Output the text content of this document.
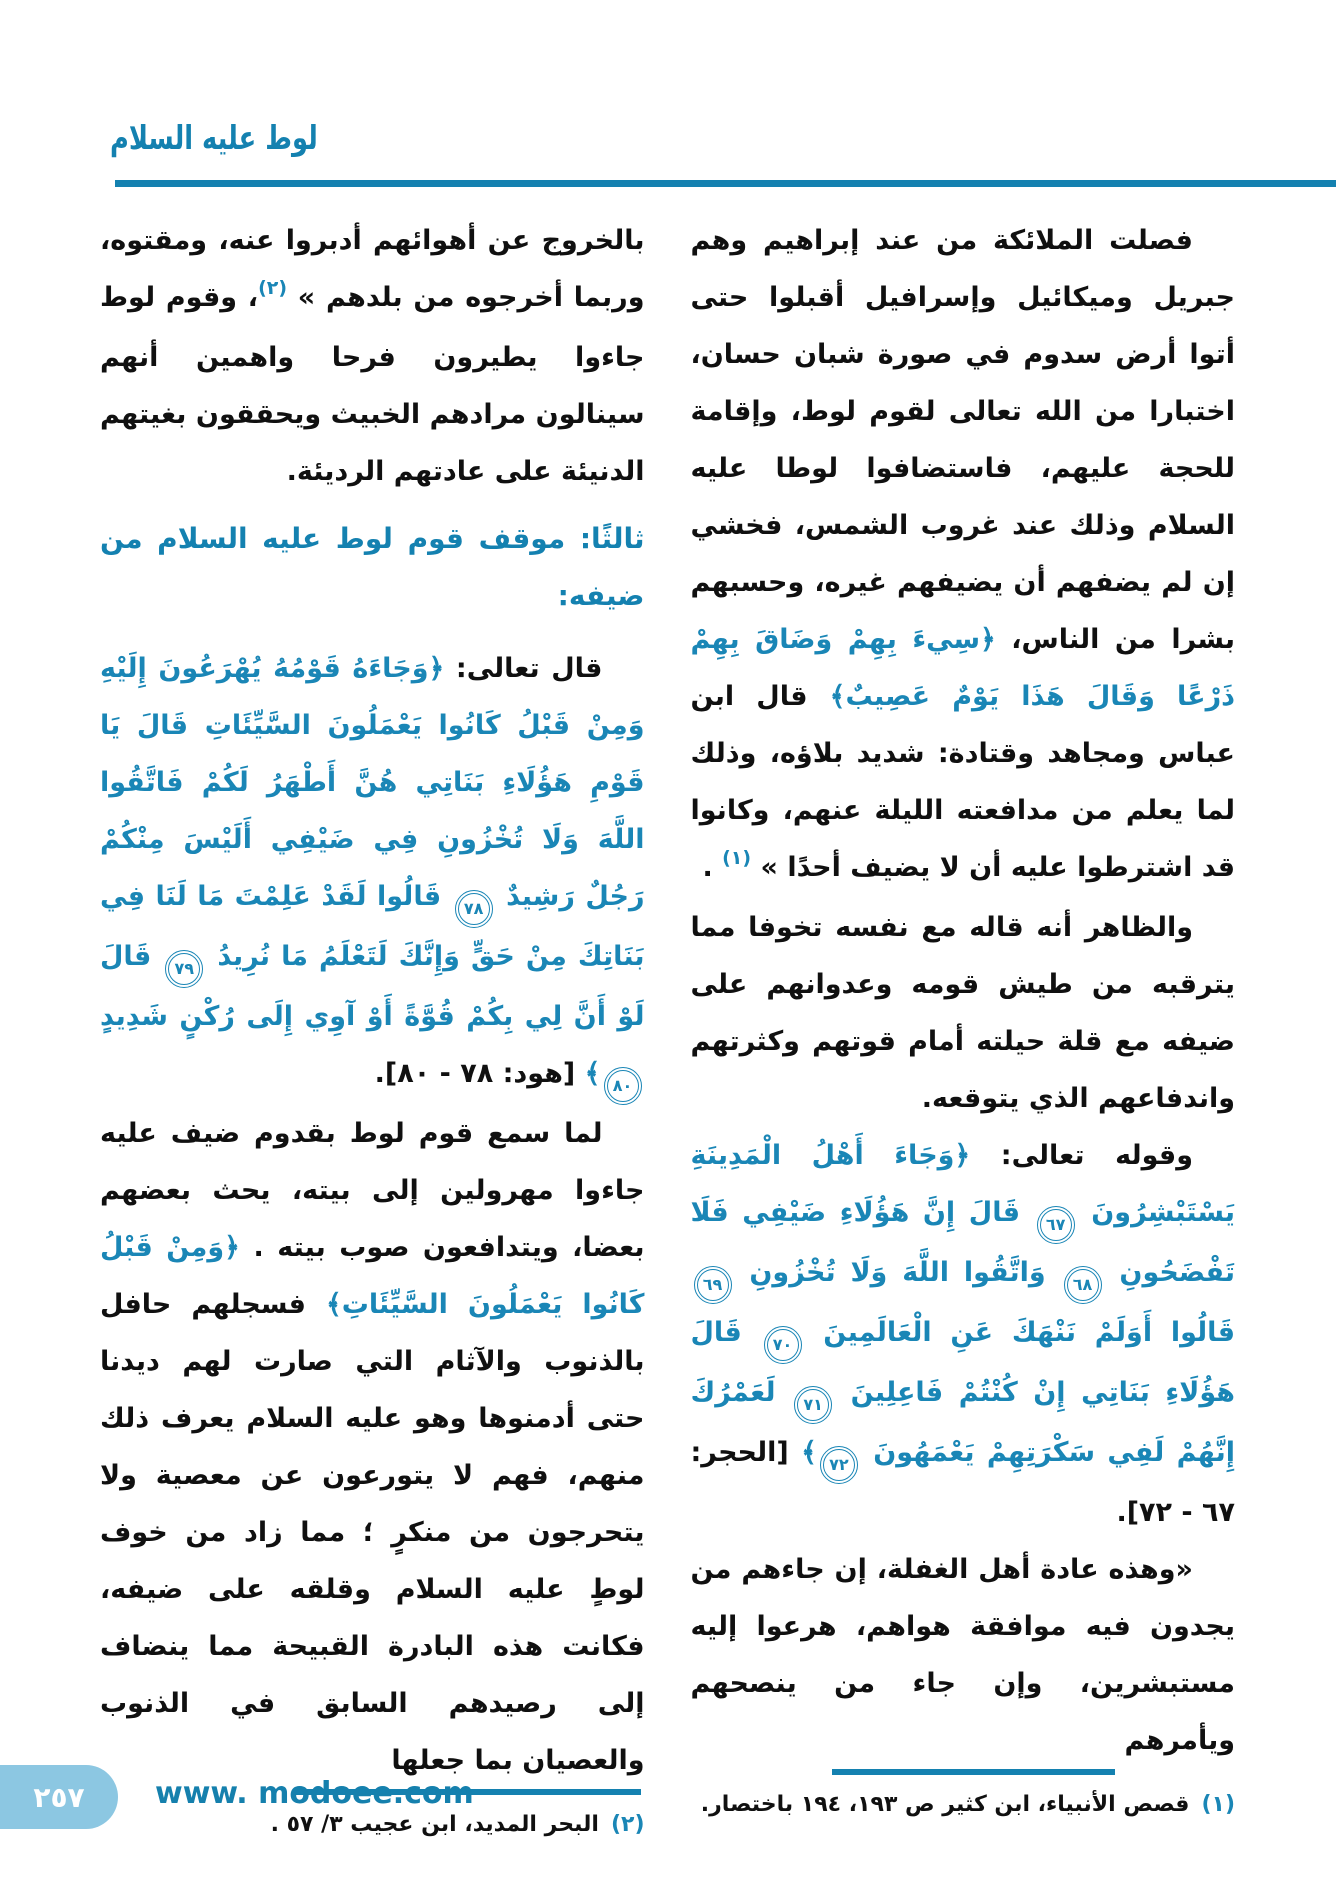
لوط عليه السلام

فصلت الملائكة من عند إبراهيم وهم جبريل وميكائيل وإسرافيل أقبلوا حتى أتوا أرض سدوم في صورة شبان حسان، اختبارا من الله تعالى لقوم لوط، وإقامة للحجة عليهم، فاستضافوا لوطا عليه السلام وذلك عند غروب الشمس، فخشي إن لم يضفهم أن يضيفهم غيره، وحسبهم بشرا من الناس، ﴿سِيءَ بِهِمْ وَضَاقَ بِهِمْ ذَرْعًا وَقَالَ هَذَا يَوْمٌ عَصِيبٌ﴾ قال ابن عباس ومجاهد وقتادة: شديد بلاؤه، وذلك لما يعلم من مدافعته الليلة عنهم، وكانوا قد اشترطوا عليه أن لا يضيف أحدًا » $^{(١)}$ .

والظاهر أنه قاله مع نفسه تخوفا مما يترقبه من طيش قومه وعدوانهم على ضيفه مع قلة حيلته أمام قوتهم وكثرتهم واندفاعهم الذي يتوقعه.

وقوله تعالى: ﴿وَجَاءَ أَهْلُ الْمَدِينَةِ يَسْتَبْشِرُونَ ٦٧ قَالَ إِنَّ هَؤُلَاءِ ضَيْفِي فَلَا تَفْضَحُونِ ٦٨ وَاتَّقُوا اللَّهَ وَلَا تُخْزُونِ ٦٩ قَالُوا أَوَلَمْ نَنْهَكَ عَنِ الْعَالَمِينَ ٧٠ قَالَ هَؤُلَاءِ بَنَاتِي إِنْ كُنْتُمْ فَاعِلِينَ ٧١ لَعَمْرُكَ إِنَّهُمْ لَفِي سَكْرَتِهِمْ يَعْمَهُونَ ٧٢﴾ [الحجر: ٦٧ - ٧٢].

«وهذه عادة أهل الغفلة، إن جاءهم من يجدون فيه موافقة هواهم، هرعوا إليه مستبشرين، وإن جاء من ينصحهم ويأمرهم

(١)قصص الأنبياء، ابن كثير ص ١٩٣، ١٩٤ باختصار.

بالخروج عن أهوائهم أدبروا عنه، ومقتوه، وربما أخرجوه من بلدهم » $^{(٢)}$، وقوم لوط جاءوا يطيرون فرحا واهمين أنهم سينالون مرادهم الخبيث ويحققون بغيتهم الدنيئة على عادتهم الرديئة.

ثالثًا: موقف قوم لوط عليه السلام من ضيفه:

قال تعالى: ﴿وَجَاءَهُ قَوْمُهُ يُهْرَعُونَ إِلَيْهِ وَمِنْ قَبْلُ كَانُوا يَعْمَلُونَ السَّيِّئَاتِ قَالَ يَا قَوْمِ هَؤُلَاءِ بَنَاتِي هُنَّ أَطْهَرُ لَكُمْ فَاتَّقُوا اللَّهَ وَلَا تُخْزُونِ فِي ضَيْفِي أَلَيْسَ مِنْكُمْ رَجُلٌ رَشِيدٌ ٧٨ قَالُوا لَقَدْ عَلِمْتَ مَا لَنَا فِي بَنَاتِكَ مِنْ حَقٍّ وَإِنَّكَ لَتَعْلَمُ مَا نُرِيدُ ٧٩ قَالَ لَوْ أَنَّ لِي بِكُمْ قُوَّةً أَوْ آوِي إِلَى رُكْنٍ شَدِيدٍ ٨٠﴾ [هود: ٧٨ - ٨٠].

لما سمع قوم لوط بقدوم ضيف عليه جاءوا مهرولين إلى بيته، يحث بعضهم بعضا، ويتدافعون صوب بيته . ﴿وَمِنْ قَبْلُ كَانُوا يَعْمَلُونَ السَّيِّئَاتِ﴾ فسجلهم حافل بالذنوب والآثام التي صارت لهم ديدنا حتى أدمنوها وهو عليه السلام يعرف ذلك منهم، فهم لا يتورعون عن معصية ولا يتحرجون من منكرٍ ؛ مما زاد من خوف لوطٍ عليه السلام وقلقه على ضيفه، فكانت هذه البادرة القبيحة مما ينضاف إلى رصيدهم السابق في الذنوب والعصيان بما جعلها

(٢)البحر المديد، ابن عجيب ٣/ ٥٧ .

٢٥٧ www. modoee.com
